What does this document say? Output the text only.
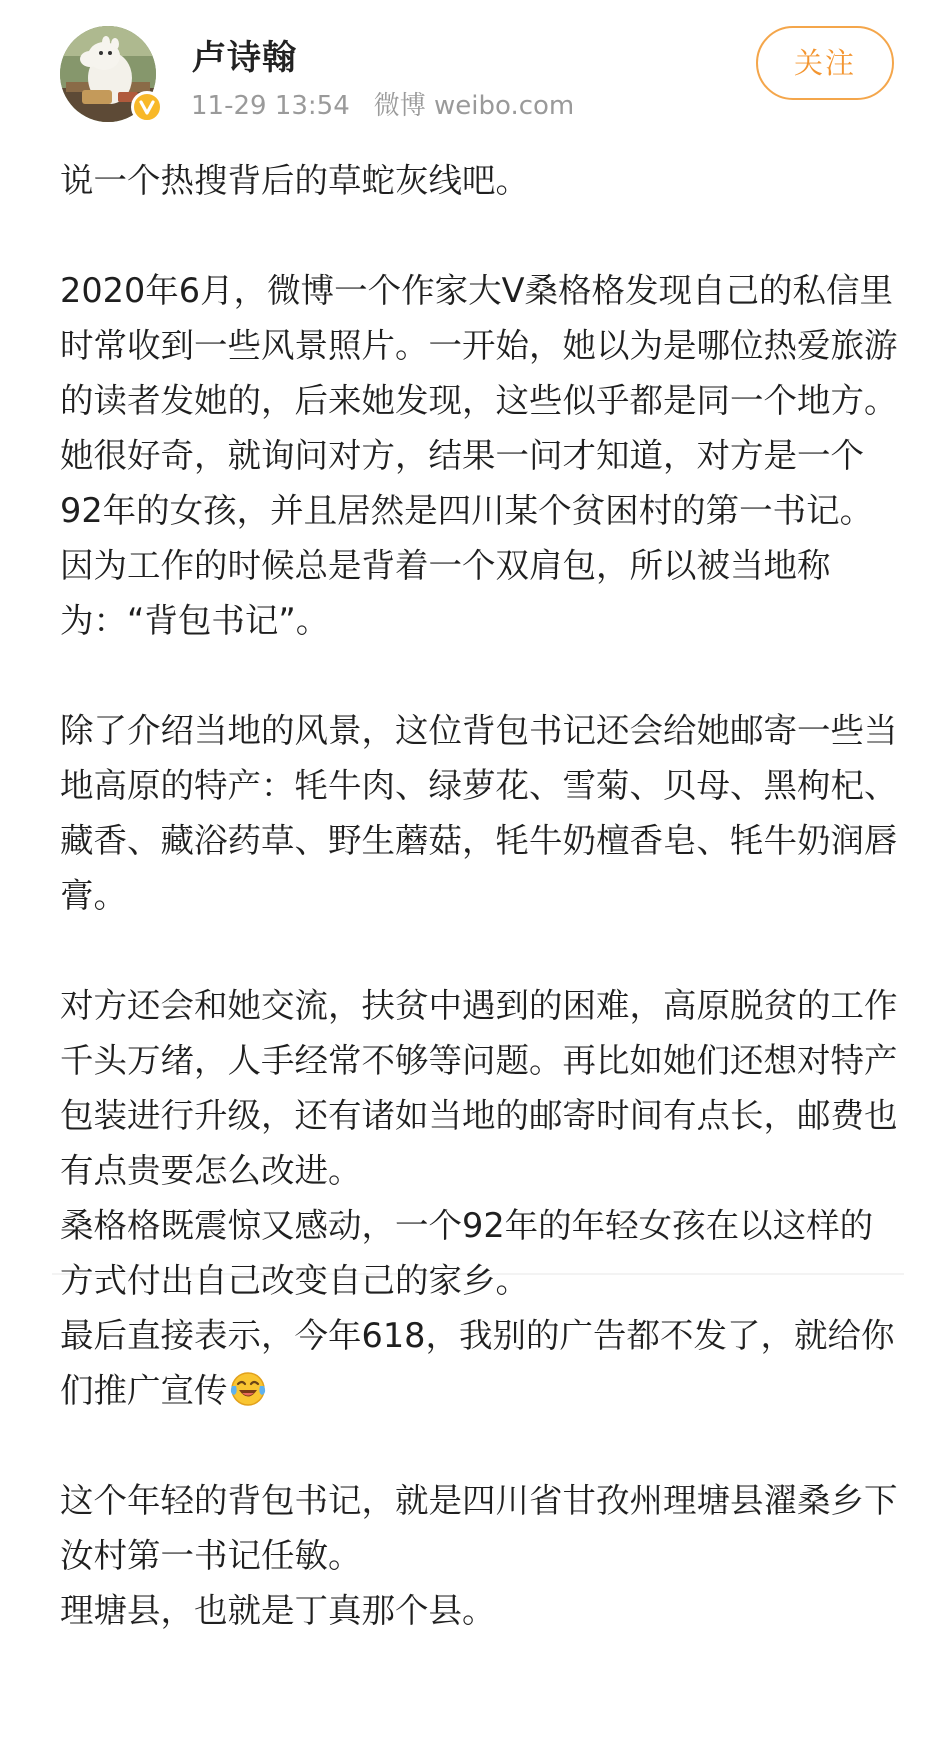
卢诗翰
11-29 13:54 微博 weibo.com
关注

说一个热搜背后的草蛇灰线吧。

2020年6月，微博一个作家大V桑格格发现自己的私信里时常收到一些风景照片。一开始，她以为是哪位热爱旅游的读者发她的，后来她发现，这些似乎都是同一个地方。
她很好奇，就询问对方，结果一问才知道，对方是一个92年的女孩，并且居然是四川某个贫困村的第一书记。因为工作的时候总是背着一个双肩包，所以被当地称为：“背包书记”。

除了介绍当地的风景，这位背包书记还会给她邮寄一些当地高原的特产：牦牛肉、绿萝花、雪菊、贝母、黑枸杞、藏香、藏浴药草、野生蘑菇，牦牛奶檀香皂、牦牛奶润唇膏。

对方还会和她交流，扶贫中遇到的困难，高原脱贫的工作千头万绪，人手经常不够等问题。再比如她们还想对特产包装进行升级，还有诸如当地的邮寄时间有点长，邮费也有点贵要怎么改进。

桑格格既震惊又感动，一个92年的年轻女孩在以这样的方式付出自己改变自己的家乡。
最后直接表示，今年618，我别的广告都不发了，就给你们推广宣传

这个年轻的背包书记，就是四川省甘孜州理塘县濯桑乡下汝村第一书记任敏。
理塘县，也就是丁真那个县。
